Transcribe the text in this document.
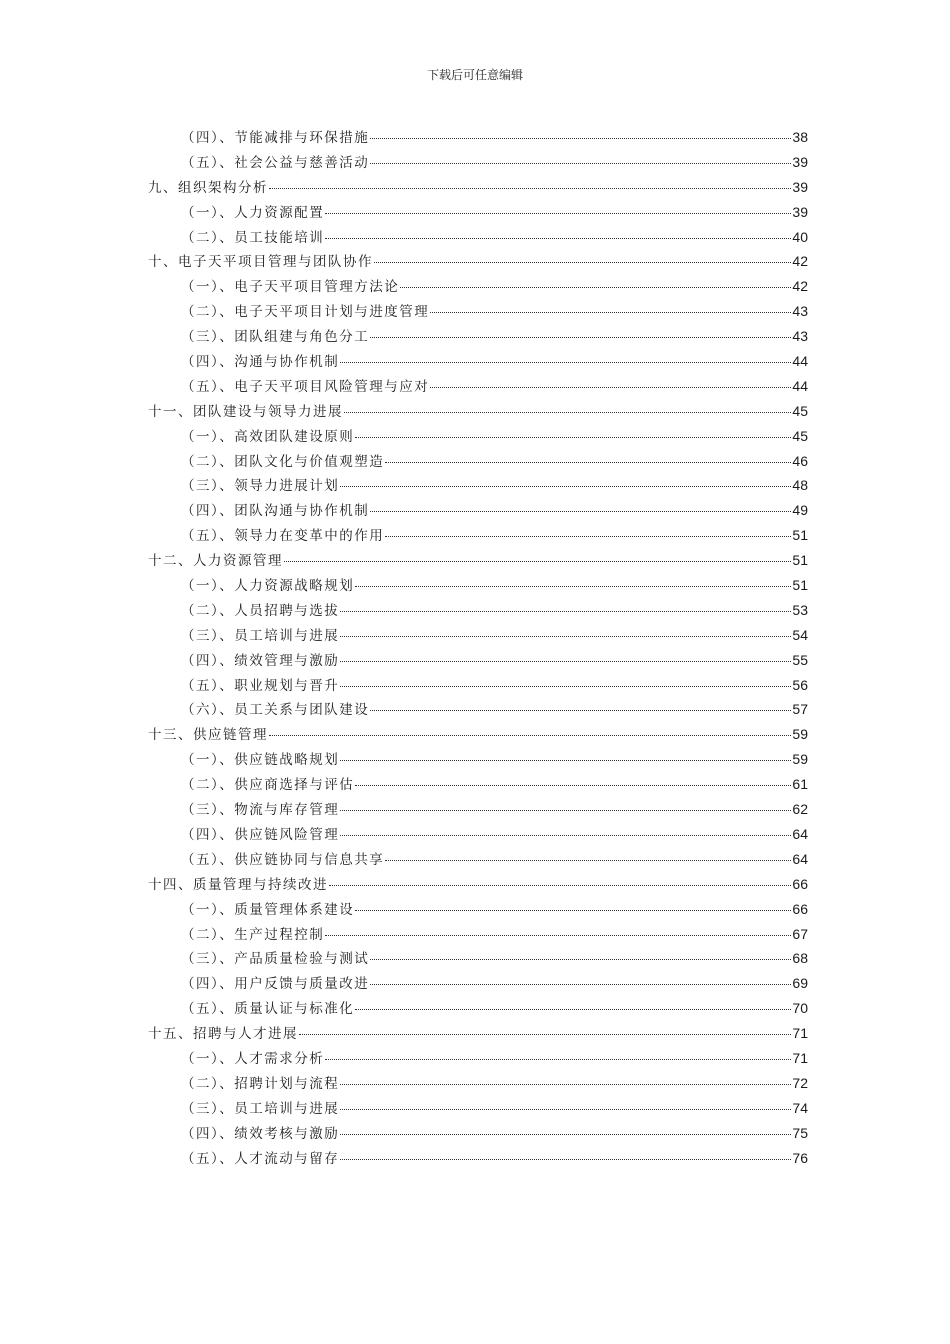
下载后可任意编辑
（四）、节能减排与环保措施	38
（五）、社会公益与慈善活动	39
九、组织架构分析	39
（一）、人力资源配置	39
（二）、员工技能培训	40
十、电子天平项目管理与团队协作	42
（一）、电子天平项目管理方法论	42
（二）、电子天平项目计划与进度管理	43
（三）、团队组建与角色分工	43
（四）、沟通与协作机制	44
（五）、电子天平项目风险管理与应对	44
十一、团队建设与领导力进展	45
（一）、高效团队建设原则	45
（二）、团队文化与价值观塑造	46
（三）、领导力进展计划	48
（四）、团队沟通与协作机制	49
（五）、领导力在变革中的作用	51
十二、人力资源管理	51
（一）、人力资源战略规划	51
（二）、人员招聘与选拔	53
（三）、员工培训与进展	54
（四）、绩效管理与激励	55
（五）、职业规划与晋升	56
（六）、员工关系与团队建设	57
十三、供应链管理	59
（一）、供应链战略规划	59
（二）、供应商选择与评估	61
（三）、物流与库存管理	62
（四）、供应链风险管理	64
（五）、供应链协同与信息共享	64
十四、质量管理与持续改进	66
（一）、质量管理体系建设	66
（二）、生产过程控制	67
（三）、产品质量检验与测试	68
（四）、用户反馈与质量改进	69
（五）、质量认证与标准化	70
十五、招聘与人才进展	71
（一）、人才需求分析	71
（二）、招聘计划与流程	72
（三）、员工培训与进展	74
（四）、绩效考核与激励	75
（五）、人才流动与留存	76
